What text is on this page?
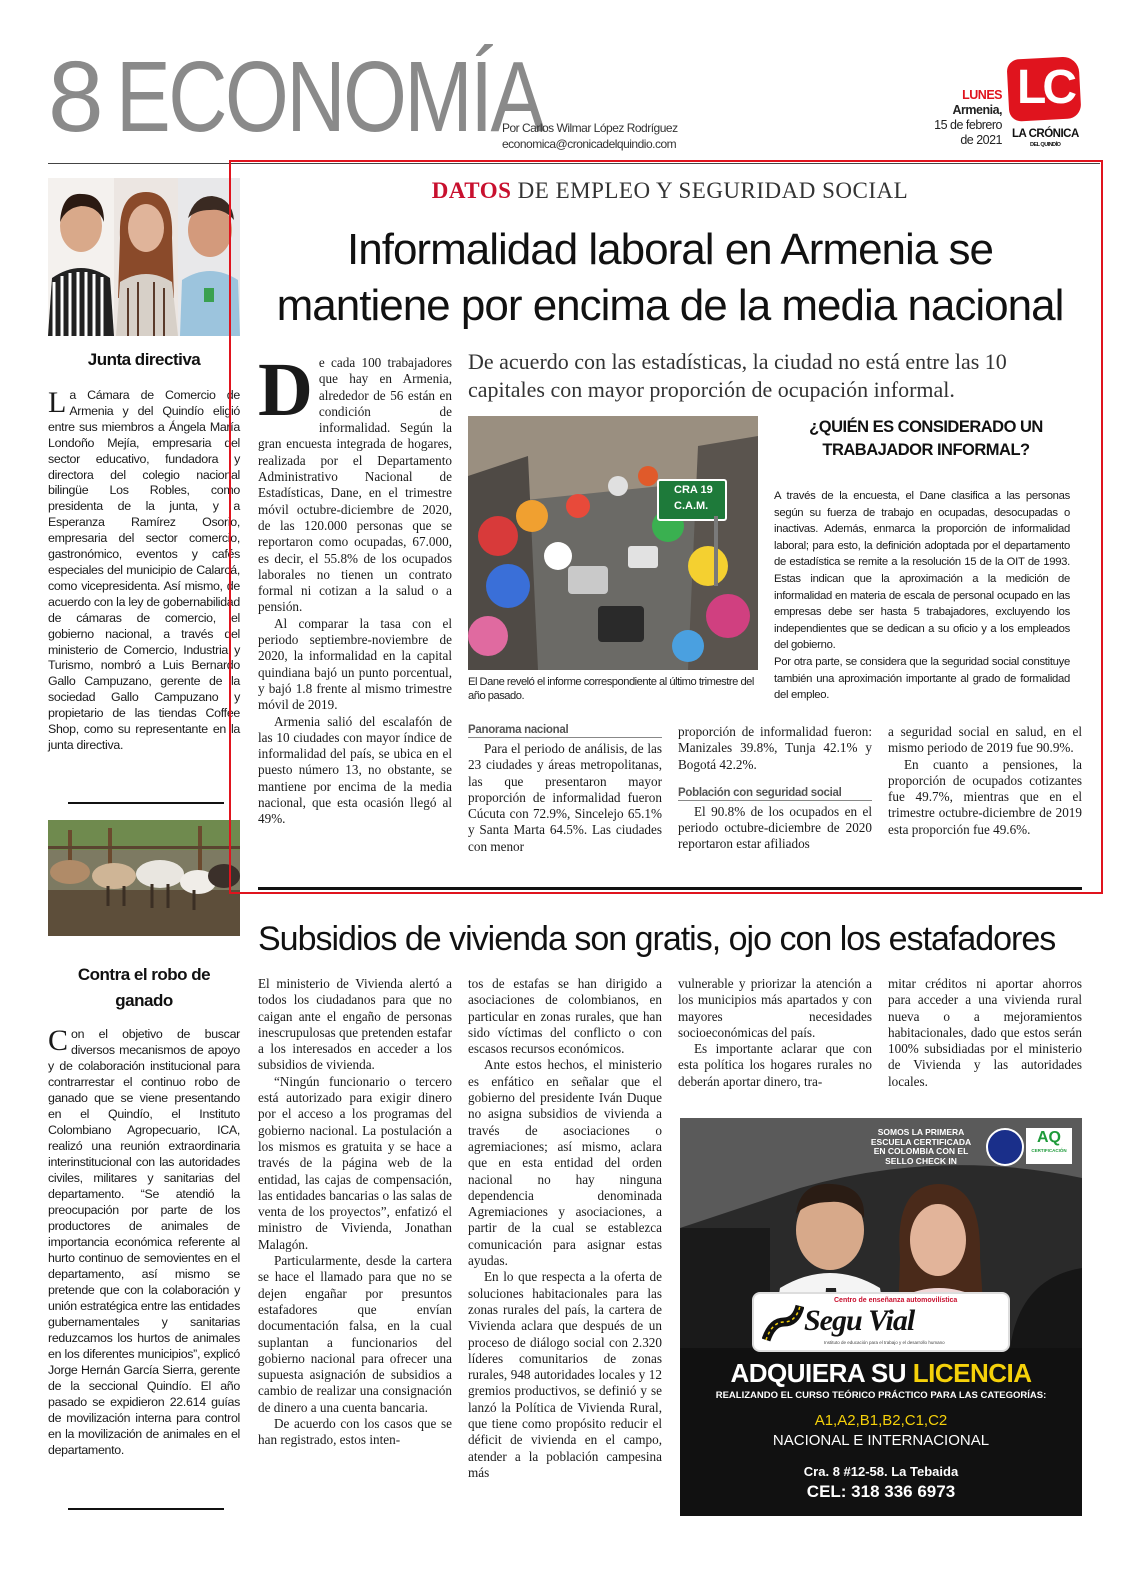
8 ECONOMÍA
Por Carlos Wilmar López Rodríguez
economica@cronicadelquindio.com
LUNES
Armenia,
15 de febrero
de 2021
LC
LA CRÓNICA
DEL QUINDÍO
Junta directiva
L a Cámara de Comercio de Armenia y del Quindío eligió entre sus miembros a Ángela María Londoño Mejía, empresaria del sector educativo, fundadora y directora del colegio nacional bilingüe Los Robles, como presidenta de la junta, y a Esperanza Ramírez Osorio, empresaria del sector comercio, gastronómico, eventos y cafés especiales del municipio de Calarcá, como vicepresidenta. Así mismo, de acuerdo con la ley de gobernabilidad de cámaras de comercio, el gobierno nacional, a través del ministerio de Comercio, Industria y Turismo, nombró a Luis Bernardo Gallo Campuzano, gerente de la sociedad Gallo Campuzano y propietario de las tiendas Coffee Shop, como su representante en la junta directiva.

Contra el robo de ganado
C on el objetivo de buscar diversos mecanismos de apoyo y de colaboración institucional para contrarrestar el continuo robo de ganado que se viene presentando en el Quindío, el Instituto Colombiano Agropecuario, ICA, realizó una reunión extraordinaria interinstitucional con las autoridades civiles, militares y sanitarias del departamento. “Se atendió la preocupación por parte de los productores de animales de importancia económica referente al hurto continuo de semovientes en el departamento, así mismo se pretende que con la colaboración y unión estratégica entre las entidades gubernamentales y sanitarias reduzcamos los hurtos de animales en los diferentes municipios”, explicó Jorge Hernán García Sierra, gerente de la seccional Quindío. El año pasado se expidieron 22.614 guías de movilización interna para control en la movilización de animales en el departamento.

DATOS DE EMPLEO Y SEGURIDAD SOCIAL
Informalidad laboral en Armenia se
mantiene por encima de la media nacional
D e cada 100 trabajadores que hay en Armenia, alrededor de 56 están en condición de informalidad. Según la gran encuesta integrada de hogares, realizada por el Departamento Administrativo Nacional de Estadísticas, Dane, en el trimestre móvil octubre-diciembre de 2020, de las 120.000 personas que se reportaron como ocupadas, 67.000, es decir, el 55.8% de los ocupados laborales no tienen un contrato formal ni cotizan a la salud o a pensión.

Al comparar la tasa con el periodo septiembre-noviembre de 2020, la informalidad en la capital quindiana bajó un punto porcentual, y bajó 1.8 frente al mismo trimestre móvil de 2019.

Armenia salió del escalafón de las 10 ciudades con mayor índice de informalidad del país, se ubica en el puesto número 13, no obstante, se mantiene por encima de la media nacional, que esta ocasión llegó al 49%.

De acuerdo con las estadísticas, la ciudad no está entre las 10 capitales con mayor proporción de ocupación informal.
CRA 19
C.A.M.
El Dane reveló el informe correspondiente al último trimestre del año pasado.
¿QUIÉN ES CONSIDERADO UN TRABAJADOR INFORMAL?

A través de la encuesta, el Dane clasifica a las personas según su fuerza de trabajo en ocupadas, desocupadas o inactivas. Además, enmarca la proporción de informalidad laboral; para esto, la definición adoptada por el departamento de estadística se remite a la resolución 15 de la OIT de 1993. Estas indican que la aproximación a la medición de informalidad en materia de escala de personal ocupado en las empresas debe ser hasta 5 trabajadores, excluyendo los independientes que se dedican a su oficio y a los empleados del gobierno.

Por otra parte, se considera que la seguridad social constituye también una aproximación importante al grado de formalidad del empleo.

Panorama nacional

Para el periodo de análisis, de las 23 ciudades y áreas metropolitanas, las que presentaron mayor proporción de informalidad fueron Cúcuta con 72.9%, Sincelejo 65.1% y Santa Marta 64.5%. Las ciudades con menor

proporción de informalidad fueron: Manizales 39.8%, Tunja 42.1% y Bogotá 42.2%.

Población con seguridad social

El 90.8% de los ocupados en el periodo octubre-diciembre de 2020 reportaron estar afiliados

a seguridad social en salud, en el mismo periodo de 2019 fue 90.9%.

En cuanto a pensiones, la proporción de ocupados cotizantes fue 49.7%, mientras que en el trimestre octubre-diciembre de 2019 esta proporción fue 49.6%.

Subsidios de vivienda son gratis, ojo con los estafadores

El ministerio de Vivienda alertó a todos los ciudadanos para que no caigan ante el engaño de personas inescrupulosas que pretenden estafar a los interesados en acceder a los subsidios de vivienda.

“Ningún funcionario o tercero está autorizado para exigir dinero por el acceso a los programas del gobierno nacional. La postulación a los mismos es gratuita y se hace a través de la página web de la entidad, las cajas de compensación, las entidades bancarias o las salas de venta de los proyectos”, enfatizó el ministro de Vivienda, Jonathan Malagón.

Particularmente, desde la cartera se hace el llamado para que no se dejen engañar por presuntos estafadores que envían documentación falsa, en la cual suplantan a funcionarios del gobierno nacional para ofrecer una supuesta asignación de subsidios a cambio de realizar una consignación de dinero a una cuenta bancaria.

De acuerdo con los casos que se han registrado, estos inten-

tos de estafas se han dirigido a asociaciones de colombianos, en particular en zonas rurales, que han sido víctimas del conflicto o con escasos recursos económicos.

Ante estos hechos, el ministerio es enfático en señalar que el gobierno del presidente Iván Duque no asigna subsidios de vivienda a través de asociaciones o agremiaciones; así mismo, aclara que en esta entidad del orden nacional no hay ninguna dependencia denominada Agremiaciones y asociaciones, a partir de la cual se establezca comunicación para asignar estas ayudas.

En lo que respecta a la oferta de soluciones habitacionales para las zonas rurales del país, la cartera de Vivienda aclara que después de un proceso de diálogo social con 2.320 líderes comunitarios de zonas rurales, 948 autoridades locales y 12 gremios productivos, se definió y se lanzó la Política de Vivienda Rural, que tiene como propósito reducir el déficit de vivienda en el campo, atender a la población campesina más

vulnerable y priorizar la atención a los municipios más apartados y con mayores necesidades socioeconómicas del país.

Es importante aclarar que con esta política los hogares rurales no deberán aportar dinero, tra-

mitar créditos ni aportar ahorros para acceder a una vivienda rural nueva o a mejoramientos habitacionales, dado que estos serán 100% subsidiadas por el ministerio de Vivienda y las autoridades locales.

SOMOS LA PRIMERA
ESCUELA CERTIFICADA
EN COLOMBIA CON EL
SELLO CHECK IN
AQ
CERTIFICACIÓN
Centro de enseñanza automovilística
Segu Vial
Instituto de educación para el trabajo y el desarrollo humano
ADQUIERA SU LICENCIA
REALIZANDO EL CURSO TEÓRICO PRÁCTICO PARA LAS CATEGORÍAS:
A1,A2,B1,B2,C1,C2
NACIONAL E INTERNACIONAL
Cra. 8 #12-58. La Tebaida
CEL: 318 336 6973
